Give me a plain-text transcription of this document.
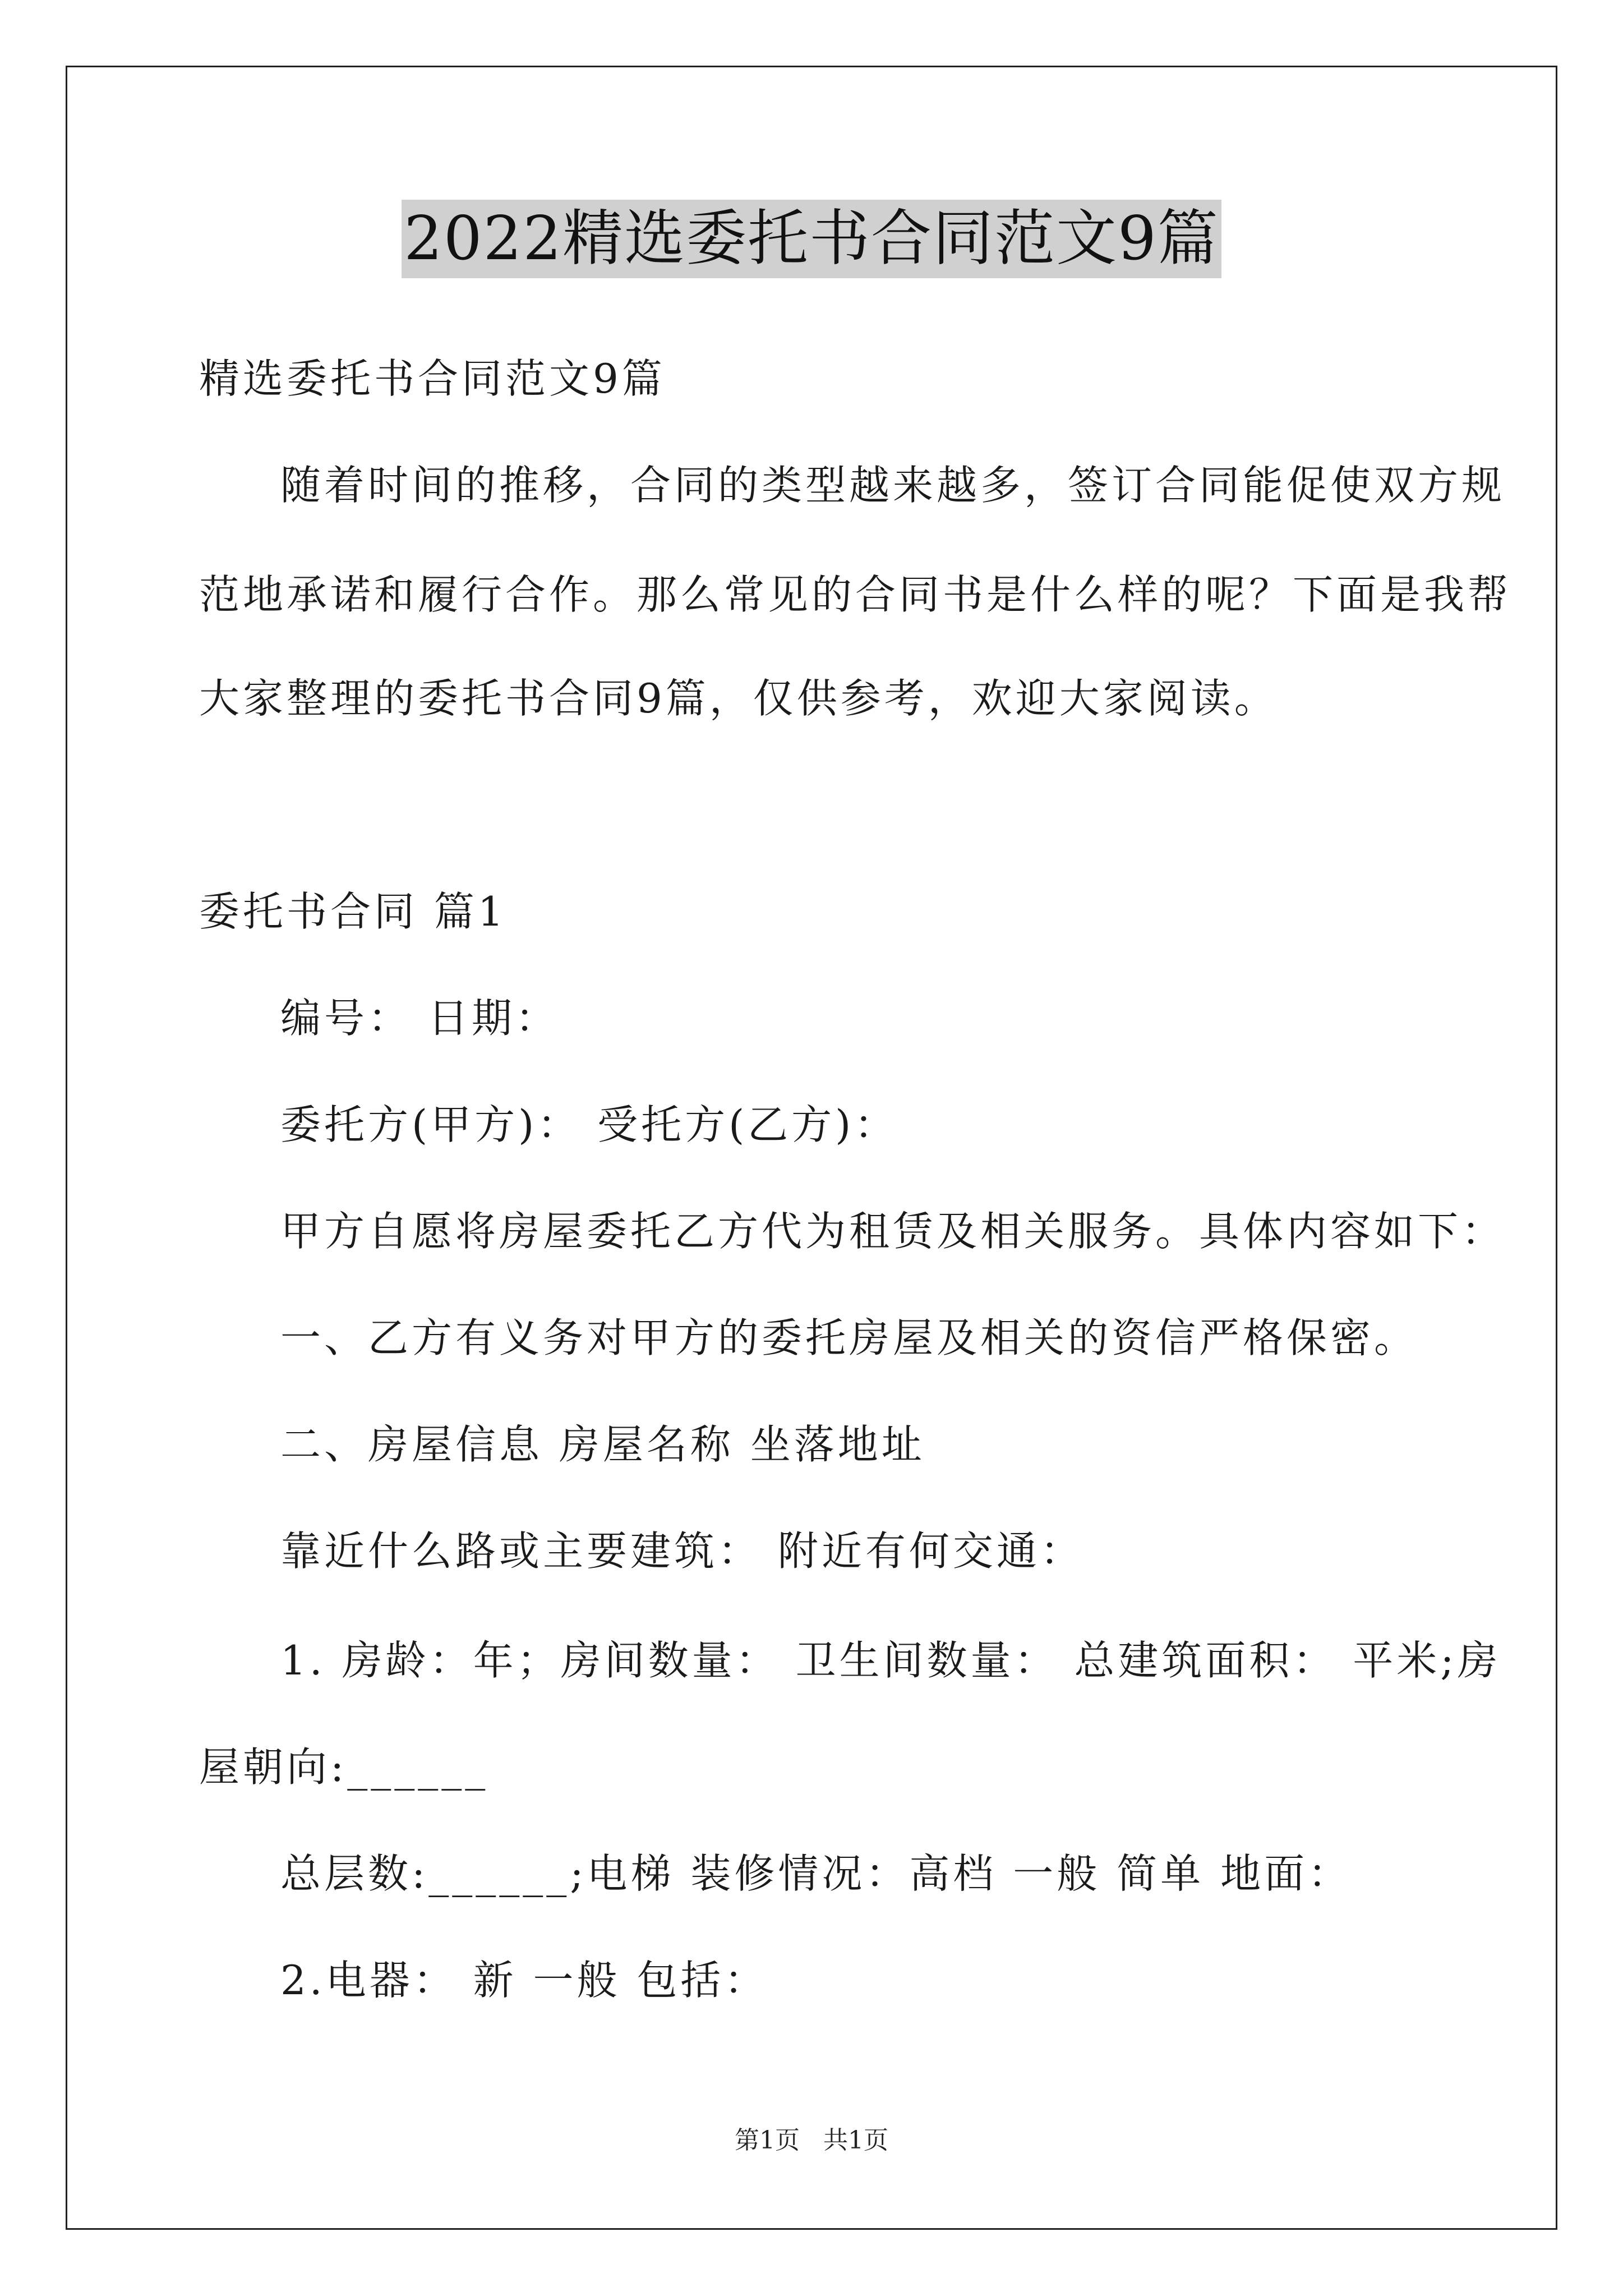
2022精选委托书合同范文9篇
精选委托书合同范文9篇
随着时间的推移，合同的类型越来越多，签订合同能促使双方规
范地承诺和履行合作。那么常见的合同书是什么样的呢？下面是我帮
大家整理的委托书合同9篇，仅供参考，欢迎大家阅读。
委托书合同 篇1
编号： 日期：
委托方(甲方)： 受托方(乙方)：
甲方自愿将房屋委托乙方代为租赁及相关服务。具体内容如下：
一、乙方有义务对甲方的委托房屋及相关的资信严格保密。
二、房屋信息 房屋名称 坐落地址
靠近什么路或主要建筑： 附近有何交通：
1. 房龄：年；房间数量： 卫生间数量： 总建筑面积： 平米;房
屋朝向:______
总层数:______;电梯 装修情况：高档 一般 简单 地面：
2.电器： 新 一般 包括：
第1页   共1页
